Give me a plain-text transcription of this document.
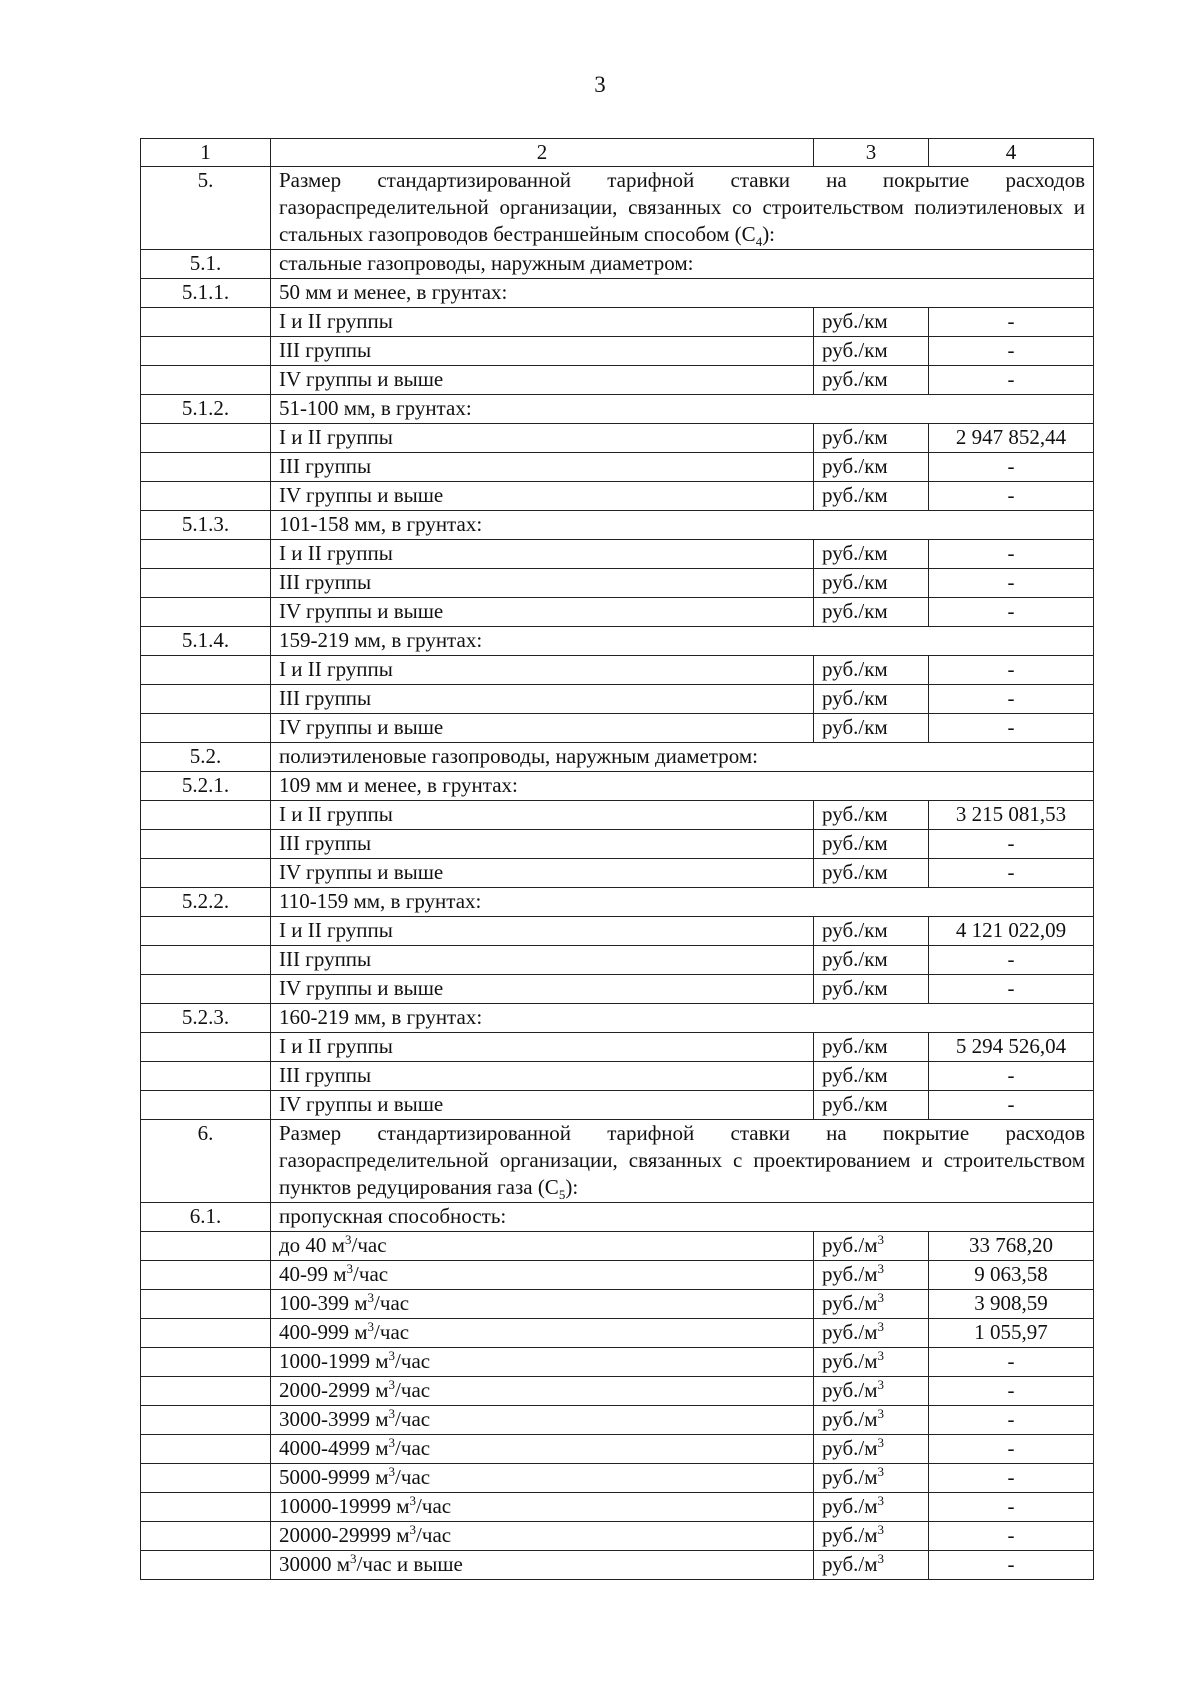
3
1	2	3	4
5.	Размер стандартизированной тарифной ставки на покрытие расходов газораспределительной организации, связанных со строительством полиэтиленовых и стальных газопроводов бестраншейным способом $(C_4)$:		
5.1.	стальные газопроводы, наружным диаметром:		
5.1.1.	50 мм и менее, в грунтах:		
	I и II группы	руб./км	-
	III группы	руб./км	-
	IV группы и выше	руб./км	-
5.1.2.	51-100 мм, в грунтах:		
	I и II группы	руб./км	2 947 852,44
	III группы	руб./км	-
	IV группы и выше	руб./км	-
5.1.3.	101-158 мм, в грунтах:		
	I и II группы	руб./км	-
	III группы	руб./км	-
	IV группы и выше	руб./км	-
5.1.4.	159-219 мм, в грунтах:		
	I и II группы	руб./км	-
	III группы	руб./км	-
	IV группы и выше	руб./км	-
5.2.	полиэтиленовые газопроводы, наружным диаметром:		
5.2.1.	109 мм и менее, в грунтах:		
	I и II группы	руб./км	3 215 081,53
	III группы	руб./км	-
	IV группы и выше	руб./км	-
5.2.2.	110-159 мм, в грунтах:		
	I и II группы	руб./км	4 121 022,09
	III группы	руб./км	-
	IV группы и выше	руб./км	-
5.2.3.	160-219 мм, в грунтах:		
	I и II группы	руб./км	5 294 526,04
	III группы	руб./км	-
	IV группы и выше	руб./км	-
6.	Размер стандартизированной тарифной ставки на покрытие расходов газораспределительной организации, связанных с проектированием и строительством пунктов редуцирования газа $(C_5)$:		
6.1.	пропускная способность:		
	до 40 $м^3$/час	$руб./м^3$	33 768,20
	40-99 $м^3$/час	$руб./м^3$	9 063,58
	100-399 $м^3$/час	$руб./м^3$	3 908,59
	400-999 $м^3$/час	$руб./м^3$	1 055,97
	1000-1999 $м^3$/час	$руб./м^3$	-
	2000-2999 $м^3$/час	$руб./м^3$	-
	3000-3999 $м^3$/час	$руб./м^3$	-
	4000-4999 $м^3$/час	$руб./м^3$	-
	5000-9999 $м^3$/час	$руб./м^3$	-
	10000-19999 $м^3$/час	$руб./м^3$	-
	20000-29999 $м^3$/час	$руб./м^3$	-
	30000 $м^3$/час и выше	$руб./м^3$	-
